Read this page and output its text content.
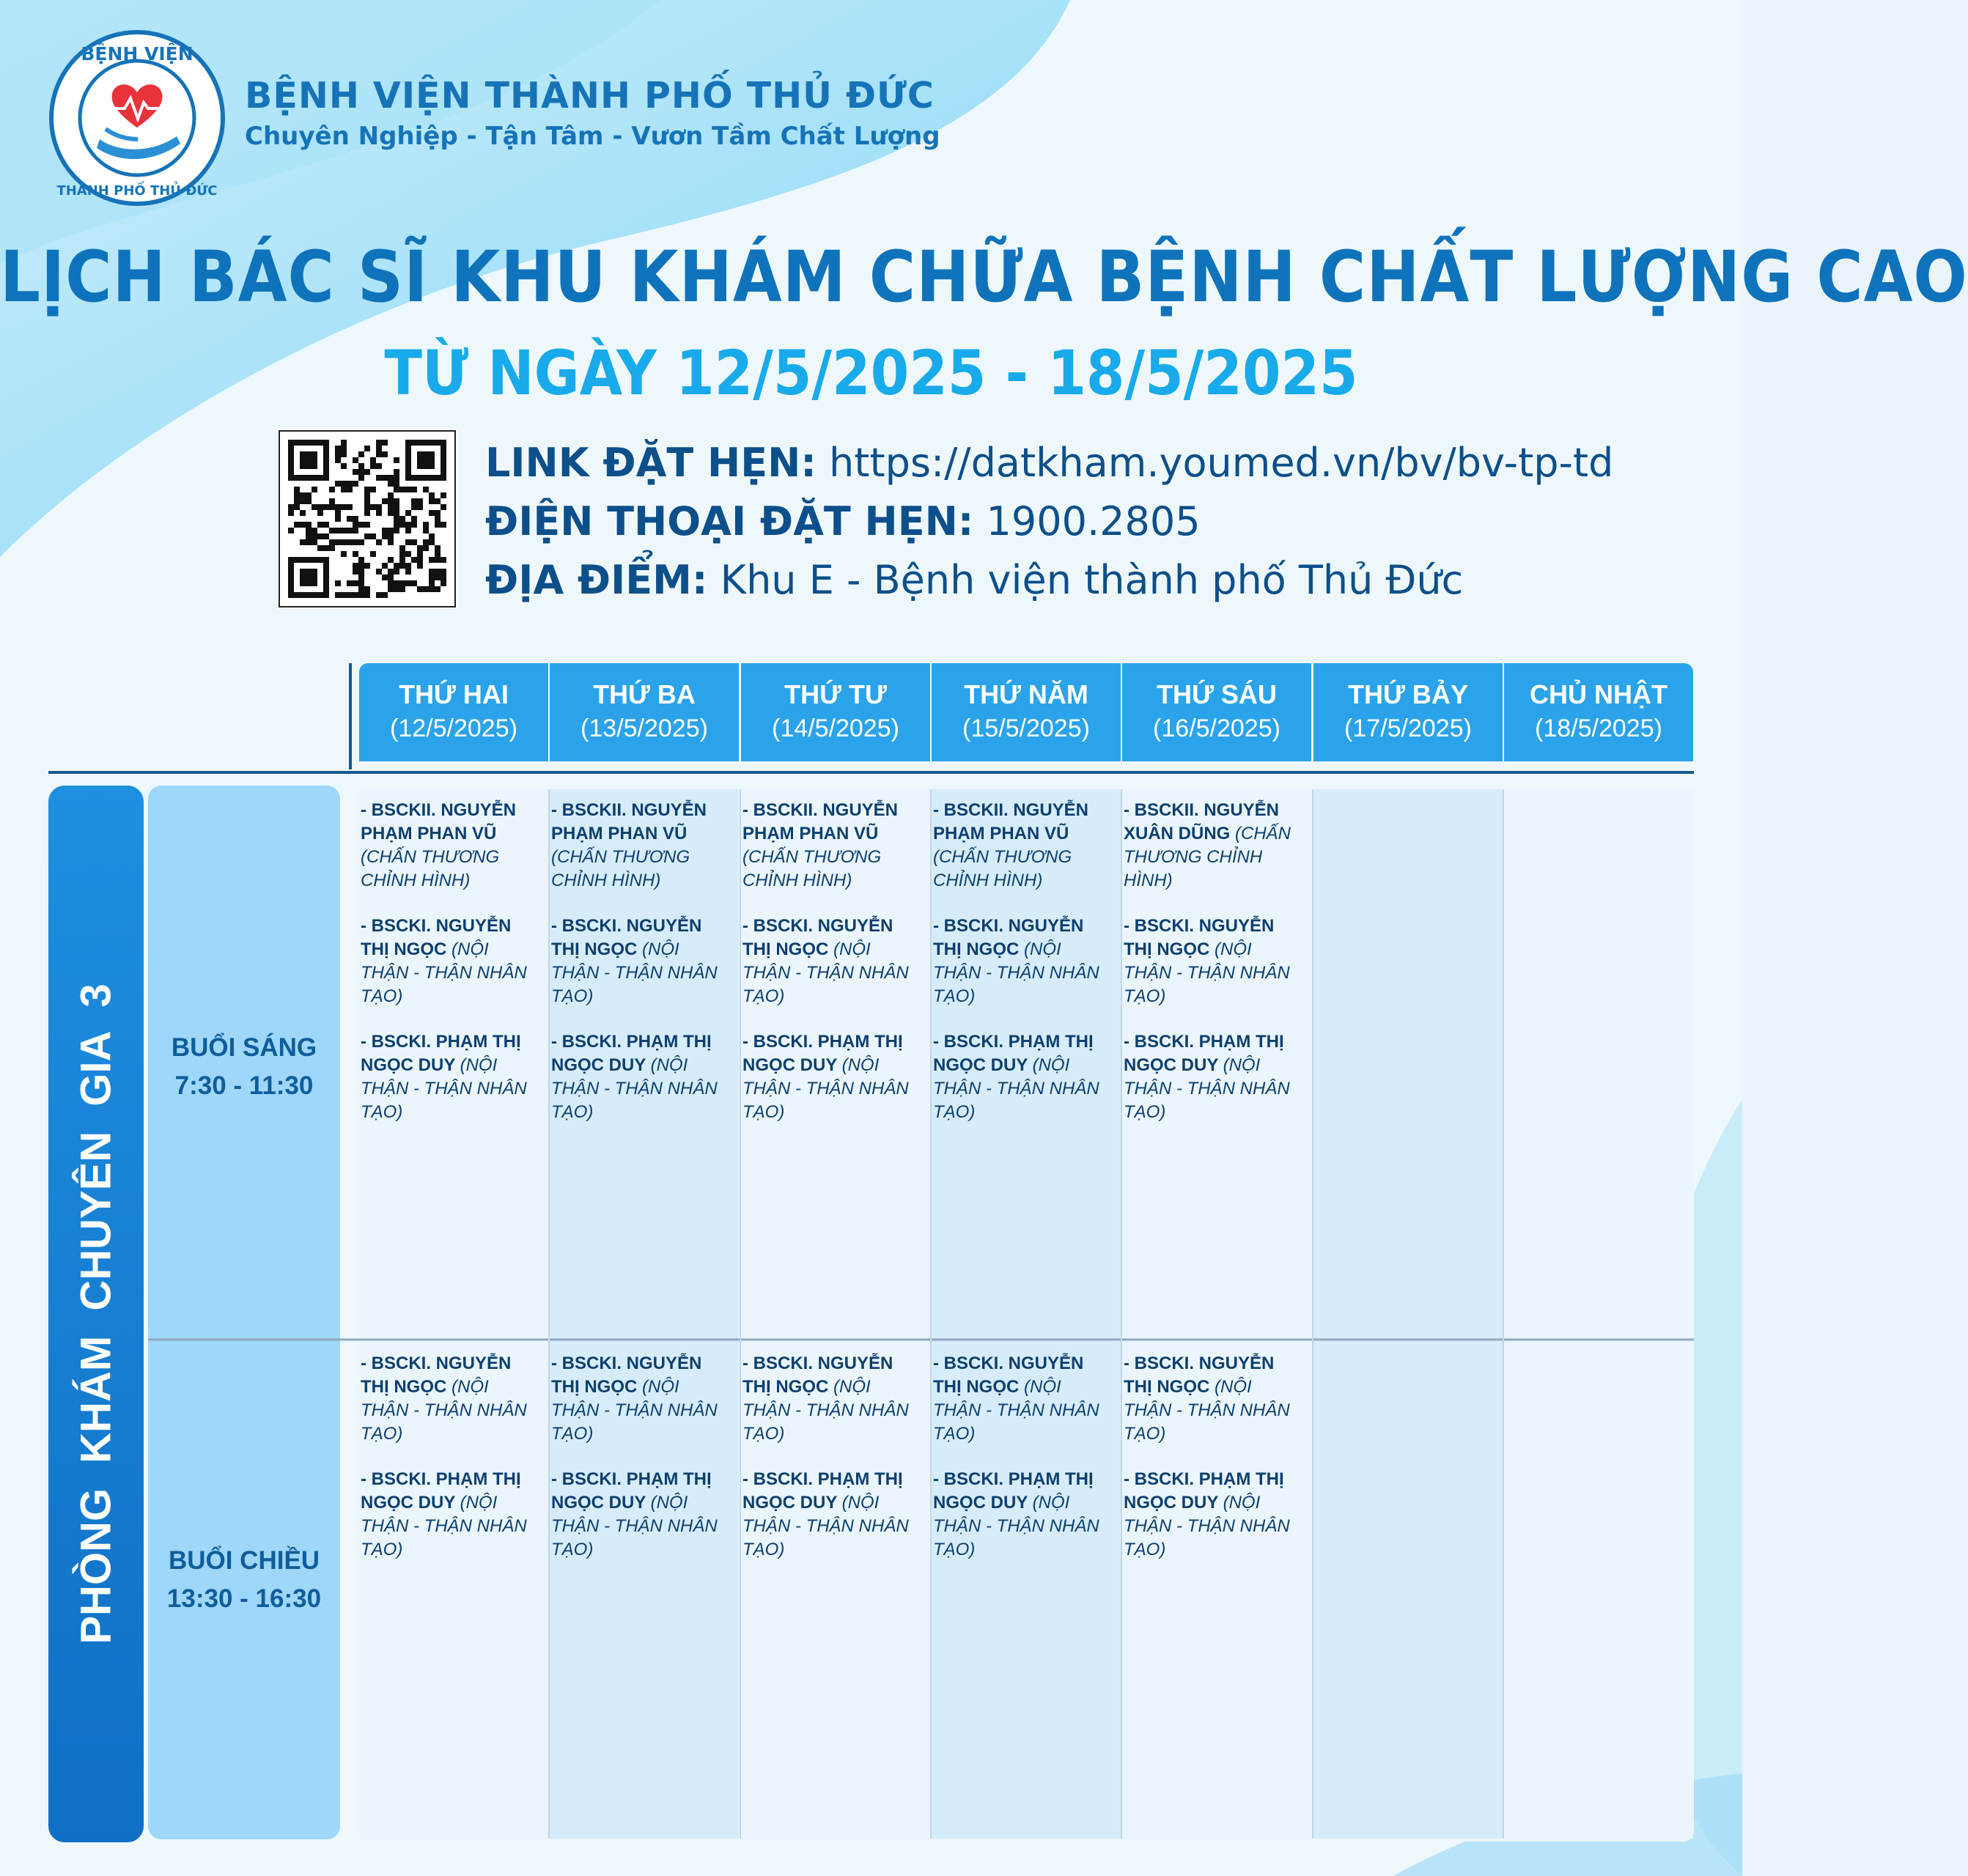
BỆNH VIỆN
THÀNH PHỐ THỦ ĐỨC
BỆNH VIỆN THÀNH PHỐ THỦ ĐỨC
Chuyên Nghiệp - Tận Tâm - Vươn Tầm Chất Lượng
LỊCH BÁC SĨ KHU KHÁM CHỮA BỆNH CHẤT LƯỢNG CAO
TỪ NGÀY 12/5/2025 - 18/5/2025
LINK ĐẶT HẸN: https://datkham.youmed.vn/bv/bv-tp-td
ĐIỆN THOẠI ĐẶT HẸN: 1900.2805
ĐỊA ĐIỂM: Khu E - Bệnh viện thành phố Thủ Đức
PHÒNG KHÁM CHUYÊN GIA 3	BUỔI SÁNG
7:30 - 11:30
BUỔI CHIỀU
13:30 - 16:30
THỨ HAI
(12/5/2025)
THỨ BA
(13/5/2025)
THỨ TƯ
(14/5/2025)
THỨ NĂM
(15/5/2025)
THỨ SÁU
(16/5/2025)
THỨ BẢY
(17/5/2025)
CHỦ NHẬT
(18/5/2025)
- BSCKII. NGUYỄN PHẠM PHAN VŨ (CHẤN THƯƠNG CHỈNH HÌNH)
- BSCKI. NGUYỄN THỊ NGỌC (NỘI THẬN - THẬN NHÂN TẠO)
- BSCKI. PHẠM THỊ NGỌC DUY (NỘI THẬN - THẬN NHÂN TẠO)
- BSCKII. NGUYỄN PHẠM PHAN VŨ (CHẤN THƯƠNG CHỈNH HÌNH)
- BSCKI. NGUYỄN THỊ NGỌC (NỘI THẬN - THẬN NHÂN TẠO)
- BSCKI. PHẠM THỊ NGỌC DUY (NỘI THẬN - THẬN NHÂN TẠO)
- BSCKII. NGUYỄN PHẠM PHAN VŨ (CHẤN THƯƠNG CHỈNH HÌNH)
- BSCKI. NGUYỄN THỊ NGỌC (NỘI THẬN - THẬN NHÂN TẠO)
- BSCKI. PHẠM THỊ NGỌC DUY (NỘI THẬN - THẬN NHÂN TẠO)
- BSCKII. NGUYỄN PHẠM PHAN VŨ (CHẤN THƯƠNG CHỈNH HÌNH)
- BSCKI. NGUYỄN THỊ NGỌC (NỘI THẬN - THẬN NHÂN TẠO)
- BSCKI. PHẠM THỊ NGỌC DUY (NỘI THẬN - THẬN NHÂN TẠO)
- BSCKII. NGUYỄN XUÂN DŨNG (CHẤN THƯƠNG CHỈNH HÌNH)
- BSCKI. NGUYỄN THỊ NGỌC (NỘI THẬN - THẬN NHÂN TẠO)
- BSCKI. PHẠM THỊ NGỌC DUY (NỘI THẬN - THẬN NHÂN TẠO)
- BSCKI. NGUYỄN THỊ NGỌC (NỘI THẬN - THẬN NHÂN TẠO)
- BSCKI. PHẠM THỊ NGỌC DUY (NỘI THẬN - THẬN NHÂN TẠO)
- BSCKI. NGUYỄN THỊ NGỌC (NỘI THẬN - THẬN NHÂN TẠO)
- BSCKI. PHẠM THỊ NGỌC DUY (NỘI THẬN - THẬN NHÂN TẠO)
- BSCKI. NGUYỄN THỊ NGỌC (NỘI THẬN - THẬN NHÂN TẠO)
- BSCKI. PHẠM THỊ NGỌC DUY (NỘI THẬN - THẬN NHÂN TẠO)
- BSCKI. NGUYỄN THỊ NGỌC (NỘI THẬN - THẬN NHÂN TẠO)
- BSCKI. PHẠM THỊ NGỌC DUY (NỘI THẬN - THẬN NHÂN TẠO)
- BSCKI. NGUYỄN THỊ NGỌC (NỘI THẬN - THẬN NHÂN TẠO)
- BSCKI. PHẠM THỊ NGỌC DUY (NỘI THẬN - THẬN NHÂN TẠO)
